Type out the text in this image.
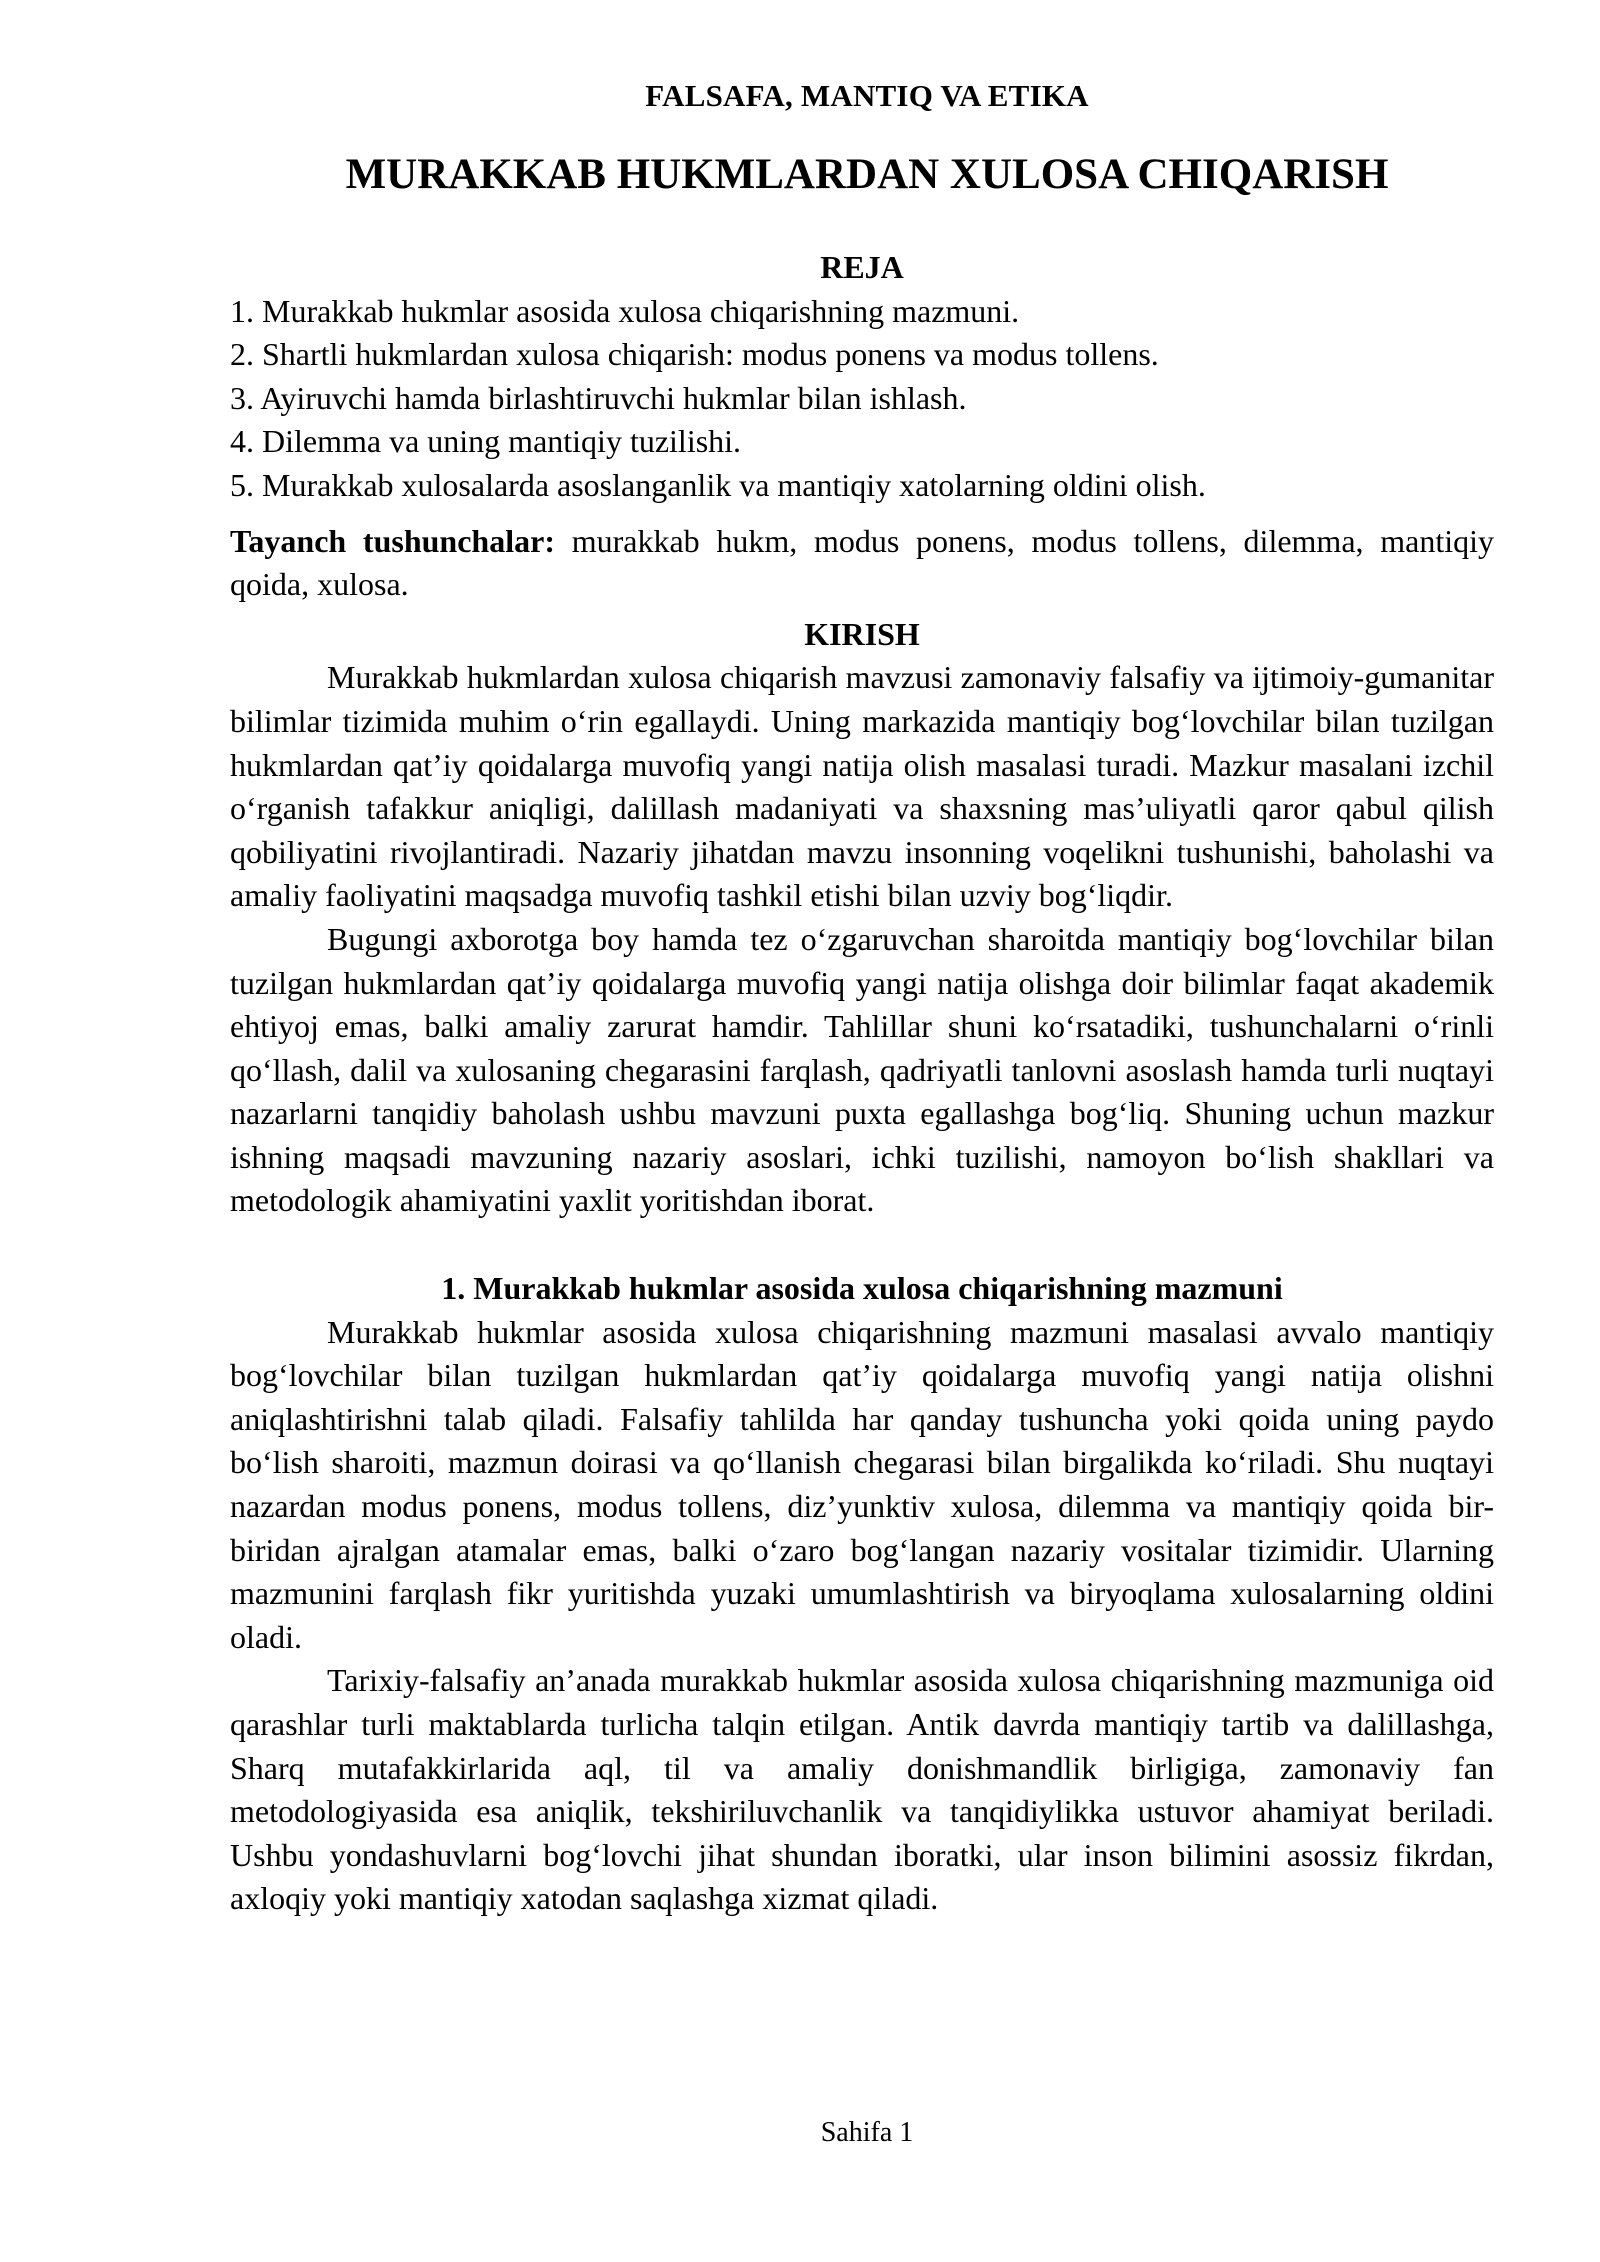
FALSAFA, MANTIQ VA ETIKA
MURAKKAB HUKMLARDAN XULOSA CHIQARISH
REJA
1. Murakkab hukmlar asosida xulosa chiqarishning mazmuni.
2. Shartli hukmlardan xulosa chiqarish: modus ponens va modus tollens.
3. Ayiruvchi hamda birlashtiruvchi hukmlar bilan ishlash.
4. Dilemma va uning mantiqiy tuzilishi.
5. Murakkab xulosalarda asoslanganlik va mantiqiy xatolarning oldini olish.
Tayanch tushunchalar: murakkab hukm, modus ponens, modus tollens, dilemma, mantiqiy qoida, xulosa.
KIRISH

Murakkab hukmlardan xulosa chiqarish mavzusi zamonaviy falsafiy va ijtimoiy-gumanitar bilimlar tizimida muhim o‘rin egallaydi. Uning markazida mantiqiy bog‘lovchilar bilan tuzilgan hukmlardan qat’iy qoidalarga muvofiq yangi natija olish masalasi turadi. Mazkur masalani izchil o‘rganish tafakkur aniqligi, dalillash madaniyati va shaxsning mas’uliyatli qaror qabul qilish qobiliyatini rivojlantiradi. Nazariy jihatdan mavzu insonning voqelikni tushunishi, baholashi va amaliy faoliyatini maqsadga muvofiq tashkil etishi bilan uzviy bog‘liqdir.

Bugungi axborotga boy hamda tez o‘zgaruvchan sharoitda mantiqiy bog‘lovchilar bilan tuzilgan hukmlardan qat’iy qoidalarga muvofiq yangi natija olishga doir bilimlar faqat akademik ehtiyoj emas, balki amaliy zarurat hamdir. Tahlillar shuni ko‘rsatadiki, tushunchalarni o‘rinli qo‘llash, dalil va xulosaning chegarasini farqlash, qadriyatli tanlovni asoslash hamda turli nuqtayi nazarlarni tanqidiy baholash ushbu mavzuni puxta egallashga bog‘liq. Shuning uchun mazkur ishning maqsadi mavzuning nazariy asoslari, ichki tuzilishi, namoyon bo‘lish shakllari va metodologik ahamiyatini yaxlit yoritishdan iborat.

1. Murakkab hukmlar asosida xulosa chiqarishning mazmuni

Murakkab hukmlar asosida xulosa chiqarishning mazmuni masalasi avvalo mantiqiy bog‘lovchilar bilan tuzilgan hukmlardan qat’iy qoidalarga muvofiq yangi natija olishni aniqlashtirishni talab qiladi. Falsafiy tahlilda har qanday tushuncha yoki qoida uning paydo bo‘lish sharoiti, mazmun doirasi va qo‘llanish chegarasi bilan birgalikda ko‘riladi. Shu nuqtayi nazardan modus ponens, modus tollens, diz’yunktiv xulosa, dilemma va mantiqiy qoida bir-biridan ajralgan atamalar emas, balki o‘zaro bog‘langan nazariy vositalar tizimidir. Ularning mazmunini farqlash fikr yuritishda yuzaki umumlashtirish va biryoqlama xulosalarning oldini oladi.

Tarixiy-falsafiy an’anada murakkab hukmlar asosida xulosa chiqarishning mazmuniga oid qarashlar turli maktablarda turlicha talqin etilgan. Antik davrda mantiqiy tartib va dalillashga, Sharq mutafakkirlarida aql, til va amaliy donishmandlik birligiga, zamonaviy fan metodologiyasida esa aniqlik, tekshiriluvchanlik va tanqidiylikka ustuvor ahamiyat beriladi. Ushbu yondashuvlarni bog‘lovchi jihat shundan iboratki, ular inson bilimini asossiz fikrdan, axloqiy yoki mantiqiy xatodan saqlashga xizmat qiladi.

Sahifa 1
